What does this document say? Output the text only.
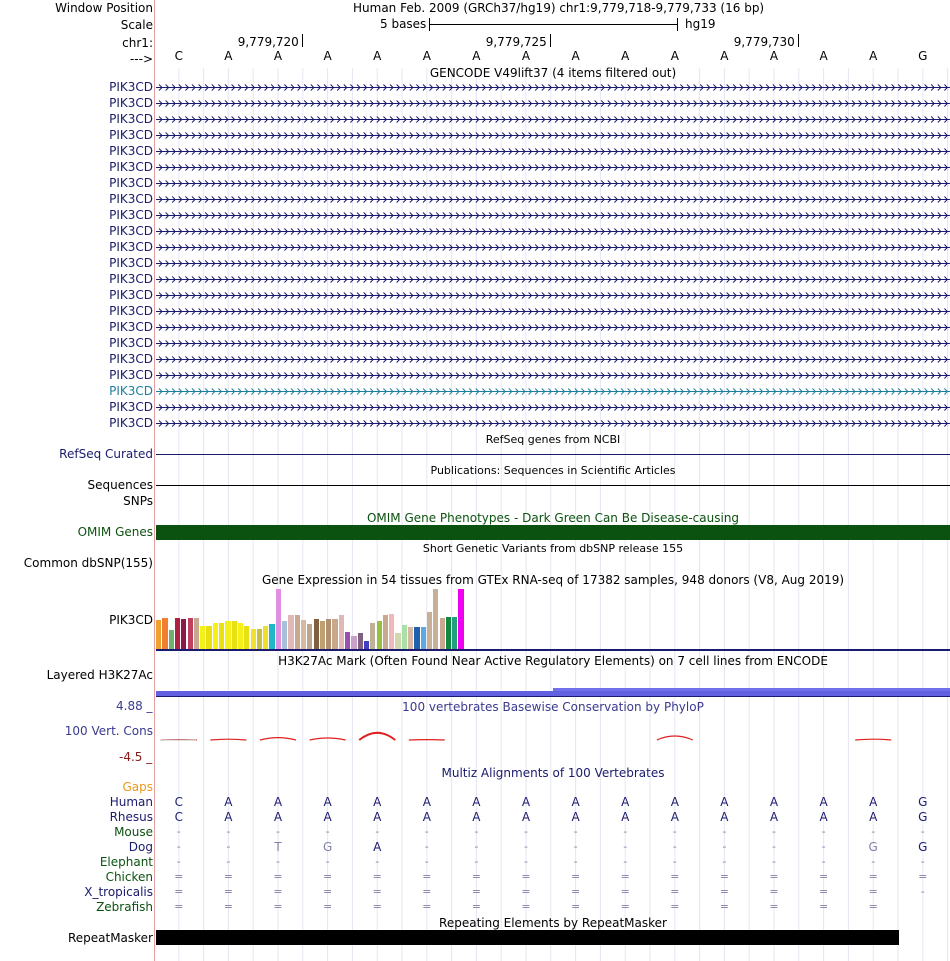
Window Position	Human Feb. 2009 (GRCh37/hg19) chr1:9,779,718-9,779,733 (16 bp)
Scale	5 bases	hg19
chr1:	9,779,720	9,779,725	9,779,730
--->	C	A	A	A	A	A	A	A	A	A	A	A	A	A	A	G
GENCODE V49lift37 (4 items filtered out)
PIK3CD
PIK3CD
PIK3CD
PIK3CD
PIK3CD
PIK3CD
PIK3CD
PIK3CD
PIK3CD
PIK3CD
PIK3CD
PIK3CD
PIK3CD
PIK3CD
PIK3CD
PIK3CD
PIK3CD
PIK3CD
PIK3CD
PIK3CD
PIK3CD
PIK3CD
RefSeq genes from NCBI
RefSeq Curated
Publications: Sequences in Scientific Articles
Sequences
SNPs
OMIM Gene Phenotypes - Dark Green Can Be Disease-causing
OMIM Genes
Short Genetic Variants from dbSNP release 155
Common dbSNP(155)
Gene Expression in 54 tissues from GTEx RNA-seq of 17382 samples, 948 donors (V8, Aug 2019)
PIK3CD
H3K27Ac Mark (Often Found Near Active Regulatory Elements) on 7 cell lines from ENCODE
Layered H3K27Ac
4.88 _	100 vertebrates Basewise Conservation by PhyloP
100 Vert. Cons
-4.5 _
Multiz Alignments of 100 Vertebrates
Gaps
Human	C	A	A	A	A	A	A	A	A	A	A	A	A	A	A	G
Rhesus	C	A	A	A	A	A	A	A	A	A	A	A	A	A	A	G
Mouse	-	-	-	-	-	-	-	-	-	-	-	-	-	-	-	-
Dog	-	-	T	G	A	-	-	-	-	-	-	-	-	-	G	G
Elephant	-	-	-	-	-	-	-	-	-	-	-	-	-	-	-	-
Chicken	=	=	=	=	=	=	=	=	=	=	=	=	=	=	=	=
X_tropicalis	=	=	=	=	=	=	=	=	=	=	=	=	=	=	=	-
Zebrafish	=	=	=	=	=	=	=	=	=	=	=	=	=	=	=
Repeating Elements by RepeatMasker
RepeatMasker
